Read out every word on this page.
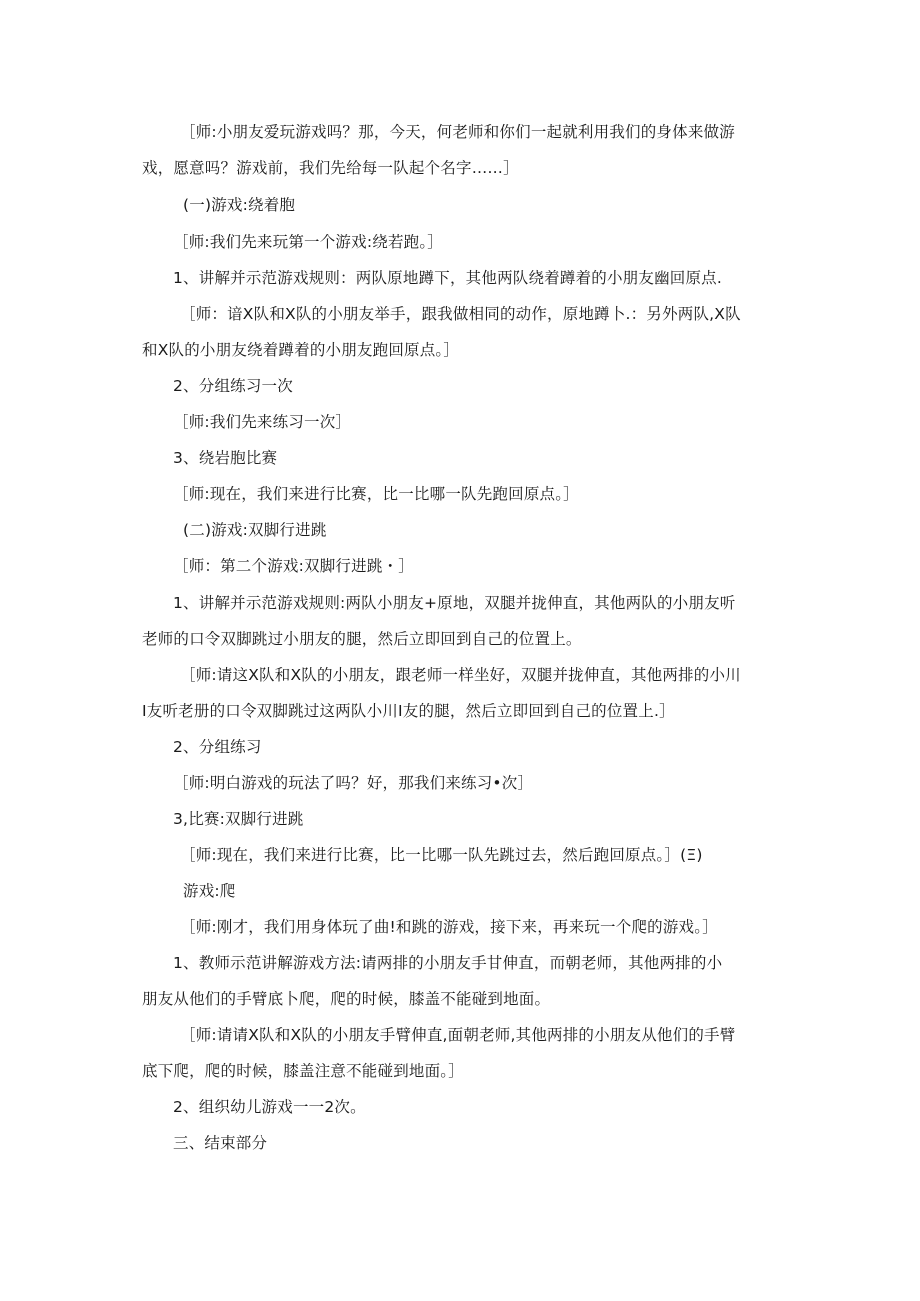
［师:小朋友爱玩游戏吗？那，今天，何老师和你们一起就利用我们的身体来做游

戏，愿意吗？游戏前，我们先给每一队起个名字……］

(一)游戏:绕着胞

［师:我们先来玩第一个游戏:绕若跑。］

1、讲解并示范游戏规则：两队原地蹲下，其他两队绕着蹲着的小朋友幽回原点.

［师：谙X队和X队的小朋友举手，跟我做相同的动作，原地蹲卜.：另外两队,X队

和X队的小朋友绕着蹲着的小朋友跑回原点。］

2、分组练习一次

［师:我们先来练习一次］

3、绕岩胞比赛

［师:现在，我们来进行比赛，比一比哪一队先跑回原点。］

(二)游戏:双脚行进跳

［师：第二个游戏:双脚行进跳・］

1、讲解并示范游戏规则:两队小朋友+原地，双腿并拢伸直，其他两队的小朋友听

老师的口令双脚跳过小朋友的腿，然后立即回到自己的位置上。

［师:请这X队和X队的小朋友，跟老师一样坐好，双腿并拢伸直，其他两排的小川

I友听老册的口令双脚跳过这两队小川I友的腿，然后立即回到自己的位置上.］

2、分组练习

［师:明白游戏的玩法了吗？好，那我们来练习•次］

3,比赛:双脚行进跳

［师:现在，我们来进行比赛，比一比哪一队先跳过去，然后跑回原点。］(Ξ)

游戏:爬

［师:刚才，我们用身体玩了曲!和跳的游戏，接下来，再来玩一个爬的游戏。］

1、教师示范讲解游戏方法:请两排的小朋友手甘伸直，而朝老师，其他两排的小

朋友从他们的手臂底卜爬，爬的时候，膝盖不能碰到地面。

［师:请请X队和X队的小朋友手臂伸直,面朝老师,其他两排的小朋友从他们的手臂

底下爬，爬的时候，膝盖注意不能碰到地面。］

2、组织幼儿游戏一一2次。

三、结束部分
